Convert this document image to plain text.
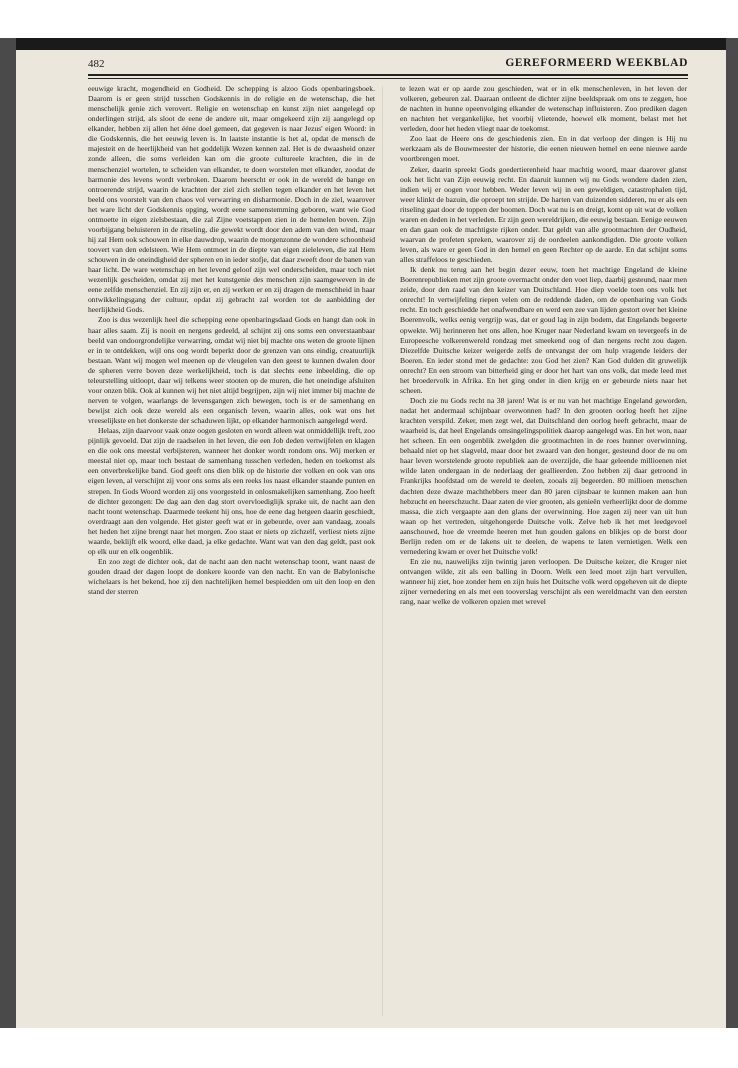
482	GEREFORMEERD WEEKBLAD

eeuwige kracht, mogendheid en Godheid. De schepping is alzoo Gods openbaringsboek. Daarom is er geen strijd tusschen Godskennis in de religie en de wetenschap, die het menschelijk genie zich verovert. Religie en wetenschap en kunst zijn niet aangelegd op onderlingen strijd, als sloot de eene de andere uit, maar omgekeerd zijn zij aangelegd op elkander, hebben zij allen het ééne doel gemeen, dat gegeven is naar Jezus' eigen Woord: in die Godskennis, die het eeuwig leven is. In laatste instantie is het al, opdat de mensch de majesteit en de heerlijkheid van het goddelijk Wezen kennen zal. Het is de dwaasheid onzer zonde alleen, die soms verleiden kan om die groote cultureele krachten, die in de menschenziel wortelen, te scheiden van elkander, te doen worstelen met elkander, zoodat de harmonie des levens wordt verbroken. Daarom heerscht er ook in de wereld de bange en ontroerende strijd, waarin de krachten der ziel zich stellen tegen elkander en het leven het beeld ons voorstelt van den chaos vol verwarring en disharmonie. Doch in de ziel, waarover het ware licht der Godskennis opging, wordt eene samenstemming geboren, want wie God ontmoette in eigen zielsbestaan, die zal Zijne voetstappen zien in de hemelen boven. Zijn voorbijgang beluisteren in de ritseling, die gewekt wordt door den adem van den wind, maar hij zal Hem ook schouwen in elke dauwdrop, waarin de morgenzonne de wondere schoonheid toovert van den edelsteen. Wie Hem ontmoet in de diepte van eigen zieleleven, die zal Hem schouwen in de oneindigheid der spheren en in ieder stofje, dat daar zweeft door de banen van haar licht. De ware wetenschap en het levend geloof zijn wel onderscheiden, maar toch niet wezenlijk gescheiden, omdat zij met het kunstgenie des menschen zijn saamgeweven in de eene zelfde menschenziel. En zij zijn er, en zij werken er en zij dragen de menschheid in haar ontwikkelingsgang der cultuur, opdat zij gebracht zal worden tot de aanbidding der heerlijkheid Gods.

Zoo is dus wezenlijk heel die schepping eene openbaringsdaad Gods en hangt dan ook in haar alles saam. Zij is nooit en nergens gedeeld, al schijnt zij ons soms een onverstaanbaar beeld van ondoorgrondelijke verwarring, omdat wij niet bij machte ons weten de groote lijnen er in te ontdekken, wijl ons oog wordt beperkt door de grenzen van ons eindig, creatuurlijk bestaan. Want wij mogen wel meenen op de vleugelen van den geest te kunnen dwalen door de spheren verre boven deze werkelijkheid, toch is dat slechts eene inbeelding, die op teleurstelling uitloopt, daar wij telkens weer stooten op de muren, die het oneindige afsluiten voor onzen blik. Ook al kunnen wij het niet altijd begrijpen, zijn wij niet immer bij machte de nerven te volgen, waarlangs de levensgangen zich bewegen, toch is er de samenhang en bewijst zich ook deze wereld als een organisch leven, waarin alles, ook wat ons het vreeselijkste en het donkerste der schaduwen lijkt, op elkander harmonisch aangelegd werd.

Helaas, zijn daarvoor vaak onze oogen gesloten en wordt alleen wat onmiddellijk treft, zoo pijnlijk gevoeld. Dat zijn de raadselen in het leven, die een Job deden vertwijfelen en klagen en die ook ons meestal verbijsteren, wanneer het donker wordt rondom ons. Wij merken er meestal niet op, maar toch bestaat de samenhang tusschen verleden, heden en toekomst als een onverbrekelijke band. God geeft ons dien blik op de historie der volken en ook van ons eigen leven, al verschijnt zij voor ons soms als een reeks los naast elkander staande punten en strepen. In Gods Woord worden zij ons voorgesteld in onlosmakelijken samenhang. Zoo heeft de dichter gezongen: De dag aan den dag stort overvloediglijk sprake uit, de nacht aan den nacht toont wetenschap. Daarmede teekent hij ons, hoe de eene dag hetgeen daarin geschiedt, overdraagt aan den volgende. Het gister geeft wat er in gebeurde, over aan vandaag, zooals het heden het zijne brengt naar het morgen. Zoo staat er niets op zichzelf, verliest niets zijne waarde, beklijft elk woord, elke daad, ja elke gedachte. Want wat van den dag geldt, past ook op elk uur en elk oogenblik.

En zoo zegt de dichter ook, dat de nacht aan den nacht wetenschap toont, want naast de gouden draad der dagen loopt de donkere koorde van den nacht. En van de Babylonische wichelaars is het bekend, hoe zij den nachtelijken hemel bespiedden om uit den loop en den stand der sterren

te lezen wat er op aarde zou geschieden, wat er in elk menschenleven, in het leven der volkeren, gebeuren zal. Daaraan ontleent de dichter zijne beeldspraak om ons te zeggen, hoe de nachten in hunne opeenvolging elkander de wetenschap influisteren. Zoo prediken dagen en nachten het vergankelijke, het voorbij vlietende, hoewel elk moment, belast met het verleden, door het heden vliegt naar de toekomst.

Zoo laat de Heere ons de geschiedenis zien. En in dat verloop der dingen is Hij nu werkzaam als de Bouwmeester der historie, die eenen nieuwen hemel en eene nieuwe aarde voortbrengen moet.

Zeker, daarin spreekt Gods goedertierenheid haar machtig woord, maar daarover glanst ook het licht van Zijn eeuwig recht. En daaruit kunnen wij nu Gods wondere daden zien, indien wij er oogen voor hebben. Weder leven wij in een geweldigen, catastrophalen tijd, weer klinkt de bazuin, die oproept ten strijde. De harten van duizenden sidderen, nu er als een ritseling gaat door de toppen der boomen. Doch wat nu is en dreigt, komt op uit wat de volken waren en deden in het verleden. Er zijn geen wereldrijken, die eeuwig bestaan. Eenige eeuwen en dan gaan ook de machtigste rijken onder. Dat geldt van alle grootmachten der Oudheid, waarvan de profeten spreken, waarover zij de oordeelen aankondigden. Die groote volken leven, als ware er geen God in den hemel en geen Rechter op de aarde. En dat schijnt soms alles straffeloos te geschieden.

Ik denk nu terug aan het begin dezer eeuw, toen het machtige Engeland de kleine Boerenrepublieken met zijn groote overmacht onder den voet liep, daarbij gesteund, naar men zeide, door den raad van den keizer van Duitschland. Hoe diep voelde toen ons volk het onrecht! In vertwijfeling riepen velen om de reddende daden, om de openbaring van Gods recht. En toch geschiedde het onafwendbare en werd een zee van lijden gestort over het kleine Boerenvolk, welks eenig vergrijp was, dat er goud lag in zijn bodem, dat Engelands begeerte opwekte. Wij herinneren het ons allen, hoe Kruger naar Nederland kwam en tevergeefs in de Europeesche volkerenwereld rondzag met smeekend oog of dan nergens recht zou dagen. Diezelfde Duitsche keizer weigerde zelfs de ontvangst der om hulp vragende leiders der Boeren. En ieder stond met de gedachte: zou God het zien? Kan God dulden dit gruwelijk onrecht? En een stroom van bitterheid ging er door het hart van ons volk, dat mede leed met het broedervolk in Afrika. En het ging onder in dien krijg en er gebeurde niets naar het scheen.

Doch zie nu Gods recht na 38 jaren! Wat is er nu van het machtige Engeland geworden, nadat het andermaal schijnbaar overwonnen had? In den grooten oorlog heeft het zijne krachten verspild. Zeker, men zegt wel, dat Duitschland den oorlog heeft gebracht, maar de waarheid is, dat heel Engelands omsingelingspolitiek daarop aangelegd was. En het won, naar het scheen. En een oogenblik zwelgden die grootmachten in de roes hunner overwinning, behaald niet op het slagveld, maar door het zwaard van den honger, gesteund door de nu om haar leven worstelende groote republiek aan de overzijde, die haar geleende millioenen niet wilde laten ondergaan in de nederlaag der geallieerden. Zoo hebben zij daar getroond in Frankrijks hoofdstad om de wereld te deelen, zooals zij begeerden. 80 millioen menschen dachten deze dwaze machthebbers meer dan 80 jaren cijnsbaar te kunnen maken aan hun hebzucht en heerschzucht. Daar zaten de vier grooten, als genieën verheerlijkt door de domme massa, die zich vergaapte aan den glans der overwinning. Hoe zagen zij neer van uit hun waan op het vertreden, uitgehongerde Duitsche volk. Zelve heb ik het met leedgevoel aanschouwd, hoe de vreemde heeren met hun gouden galons en blikjes op de borst door Berlijn reden om er de lakens uit te deelen, de wapens te laten vernietigen. Welk een vernedering kwam er over het Duitsche volk!

En zie nu, nauwelijks zijn twintig jaren verloopen. De Duitsche keizer, die Kruger niet ontvangen wilde, zit als een balling in Doorn. Welk een leed moet zijn hart vervullen, wanneer hij ziet, hoe zonder hem en zijn huis het Duitsche volk werd opgeheven uit de diepte zijner vernedering en als met een tooverslag verschijnt als een wereldmacht van den eersten rang, naar welke de volkeren opzien met wrevel
